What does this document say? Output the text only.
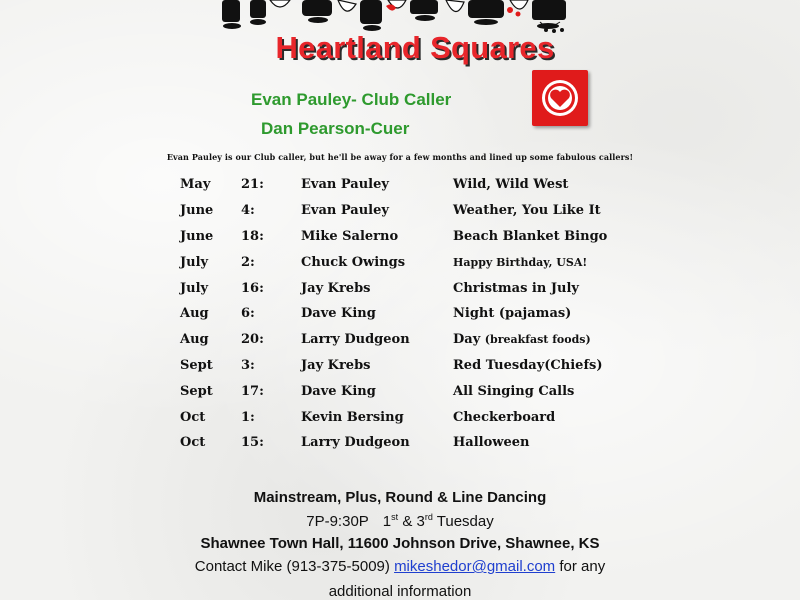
Heartland Squares
Evan Pauley- Club Caller
Dan Pearson-Cuer
Evan Pauley is our Club caller, but he'll be away for a few months and lined up some fabulous callers!
May	21:	Evan Pauley	Wild, Wild West
June	4:	Evan Pauley	Weather, You Like It
June	18:	Mike Salerno	Beach Blanket Bingo
July	2:	Chuck Owings	Happy Birthday, USA!
July	16:	Jay Krebs	Christmas in July
Aug	6:	Dave King	Night (pajamas)
Aug	20:	Larry Dudgeon	Day (breakfast foods)
Sept	3:	Jay Krebs	Red Tuesday(Chiefs)
Sept	17:	Dave King	All Singing Calls
Oct	1:	Kevin Bersing	Checkerboard
Oct	15:	Larry Dudgeon	Halloween
Mainstream, Plus, Round & Line Dancing
7P-9:30P 1st & 3rd Tuesday
Shawnee Town Hall, 11600 Johnson Drive, Shawnee, KS
Contact Mike (913-375-5009) mikeshedor@gmail.com for any
additional information
